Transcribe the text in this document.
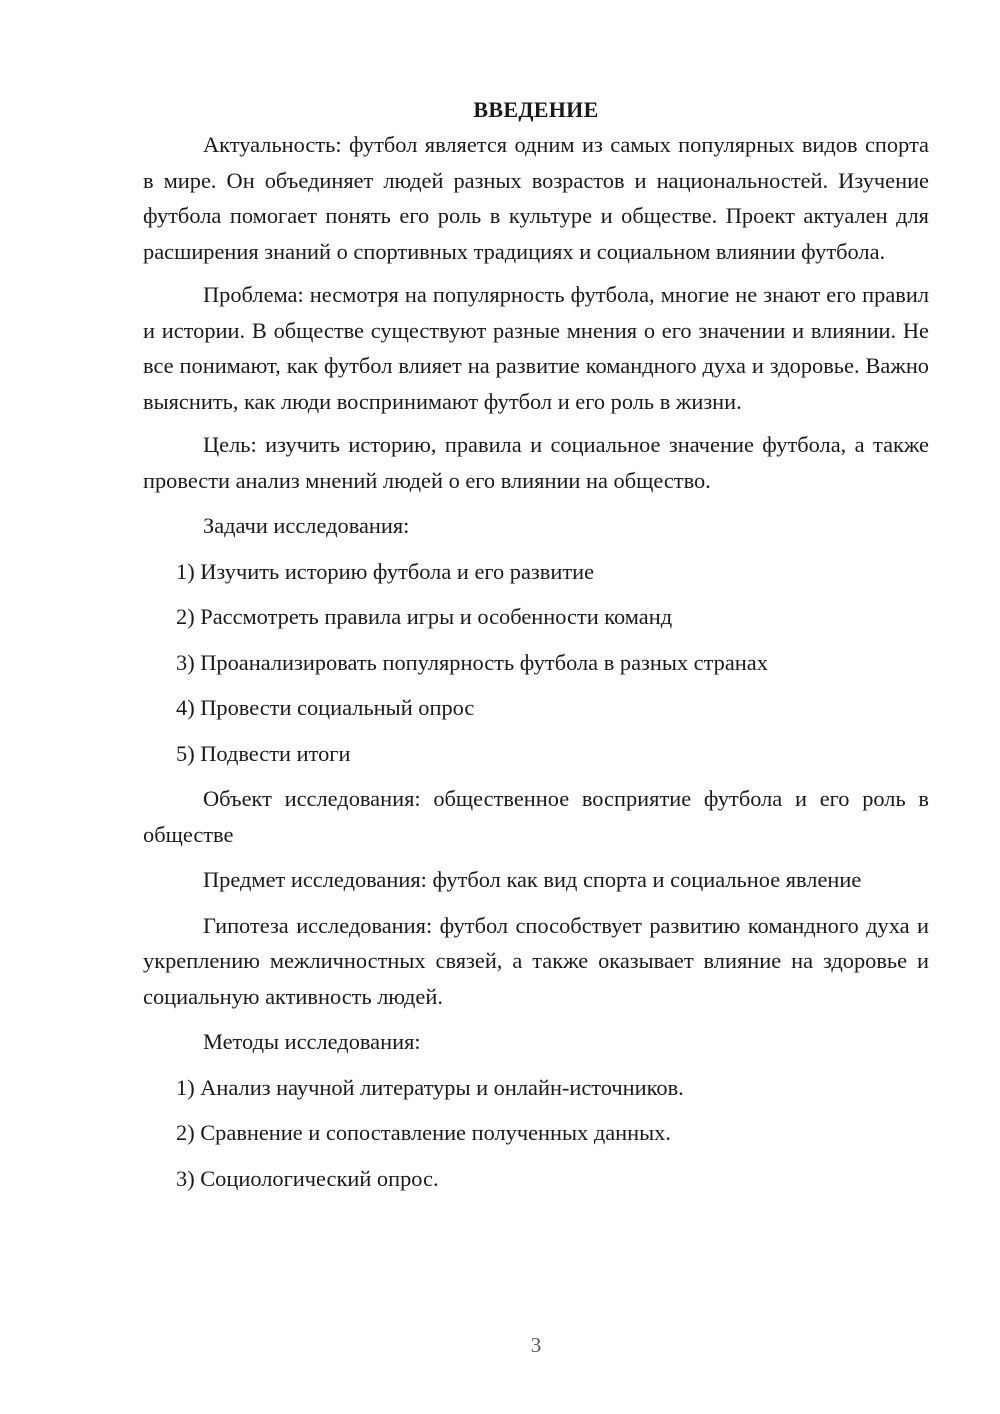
ВВЕДЕНИЕ

Актуальность: футбол является одним из самых популярных видов спорта в мире. Он объединяет людей разных возрастов и национальностей. Изучение футбола помогает понять его роль в культуре и обществе. Проект актуален для расширения знаний о спортивных традициях и социальном влиянии футбола.

Проблема: несмотря на популярность футбола, многие не знают его правил и истории. В обществе существуют разные мнения о его значении и влиянии. Не все понимают, как футбол влияет на развитие командного духа и здоровье. Важно выяснить, как люди воспринимают футбол и его роль в жизни.

Цель: изучить историю, правила и социальное значение футбола, а также провести анализ мнений людей о его влиянии на общество.

Задачи исследования:

1) Изучить историю футбола и его развитие

2) Рассмотреть правила игры и особенности команд

3) Проанализировать популярность футбола в разных странах

4) Провести социальный опрос

5) Подвести итоги

Объект исследования: общественное восприятие футбола и его роль в обществе

Предмет исследования: футбол как вид спорта и социальное явление

Гипотеза исследования: футбол способствует развитию командного духа и укреплению межличностных связей, а также оказывает влияние на здоровье и социальную активность людей.

Методы исследования:

1) Анализ научной литературы и онлайн-источников.

2) Сравнение и сопоставление полученных данных.

3) Социологический опрос.

3
